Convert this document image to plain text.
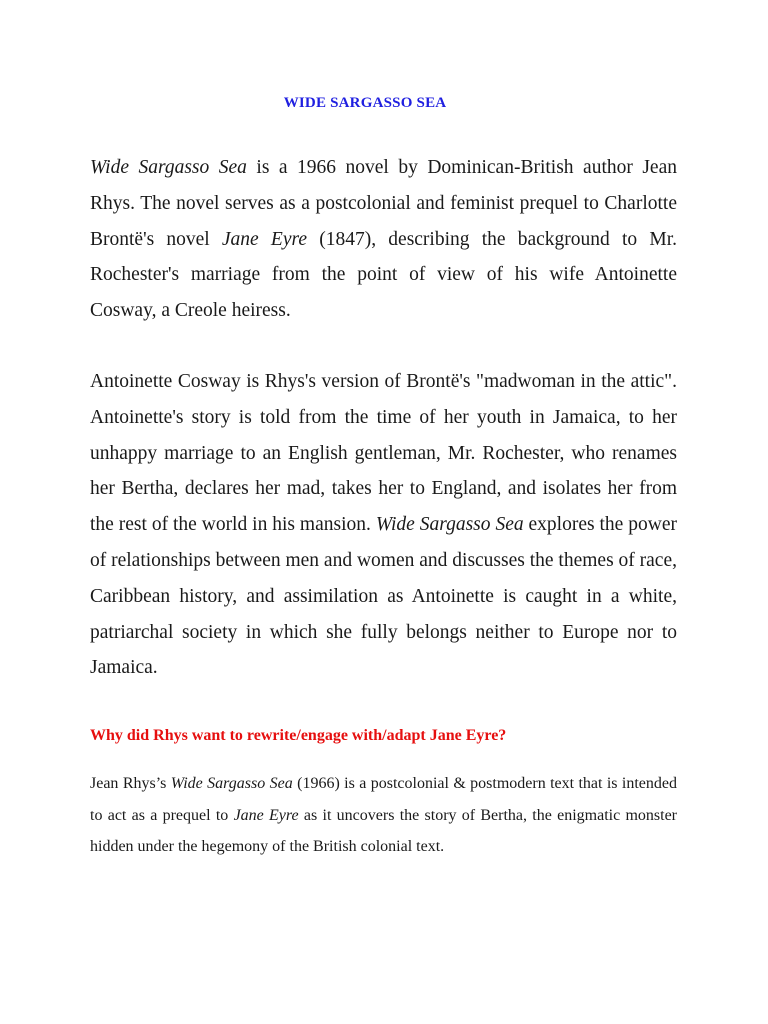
WIDE SARGASSO SEA

Wide Sargasso Sea is a 1966 novel by Dominican-British author Jean Rhys. The novel serves as a postcolonial and feminist prequel to Charlotte Brontë's novel Jane Eyre (1847), describing the background to Mr. Rochester's marriage from the point of view of his wife Antoinette Cosway, a Creole heiress.

Antoinette Cosway is Rhys's version of Brontë's "madwoman in the attic". Antoinette's story is told from the time of her youth in Jamaica, to her unhappy marriage to an English gentleman, Mr. Rochester, who renames her Bertha, declares her mad, takes her to England, and isolates her from the rest of the world in his mansion. Wide Sargasso Sea explores the power of relationships between men and women and discusses the themes of race, Caribbean history, and assimilation as Antoinette is caught in a white, patriarchal society in which she fully belongs neither to Europe nor to Jamaica.

Why did Rhys want to rewrite/engage with/adapt Jane Eyre?

Jean Rhys’s Wide Sargasso Sea (1966) is a postcolonial & postmodern text that is intended to act as a prequel to Jane Eyre as it uncovers the story of Bertha, the enigmatic monster hidden under the hegemony of the British colonial text.
